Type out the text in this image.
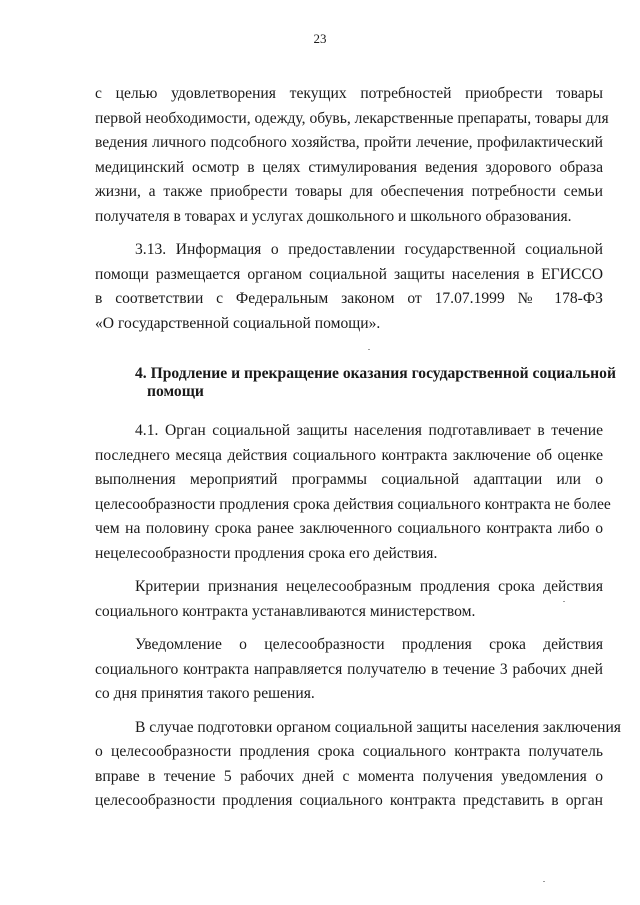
23
с целью удовлетворения текущих потребностей приобрести товары
первой необходимости, одежду, обувь, лекарственные препараты, товары для
ведения личного подсобного хозяйства, пройти лечение, профилактический
медицинский осмотр в целях стимулирования ведения здорового образа
жизни, а также приобрести товары для обеспечения потребности семьи
получателя в товарах и услугах дошкольного и школьного образования.
3.13. Информация о предоставлении государственной социальной
помощи размещается органом социальной защиты населения в ЕГИССО
в соответствии с Федеральным законом от 17.07.1999 № 178-ФЗ
«О государственной социальной помощи».
4. Продление и прекращение оказания государственной социальной
помощи
4.1. Орган социальной защиты населения подготавливает в течение
последнего месяца действия социального контракта заключение об оценке
выполнения мероприятий программы социальной адаптации или о
целесообразности продления срока действия социального контракта не более
чем на половину срока ранее заключенного социального контракта либо о
нецелесообразности продления срока его действия.
Критерии признания нецелесообразным продления срока действия
социального контракта устанавливаются министерством.
Уведомление о целесообразности продления срока действия
социального контракта направляется получателю в течение 3 рабочих дней
со дня принятия такого решения.
В случае подготовки органом социальной защиты населения заключения
о целесообразности продления срока социального контракта получатель
вправе в течение 5 рабочих дней с момента получения уведомления о
целесообразности продления социального контракта представить в орган
